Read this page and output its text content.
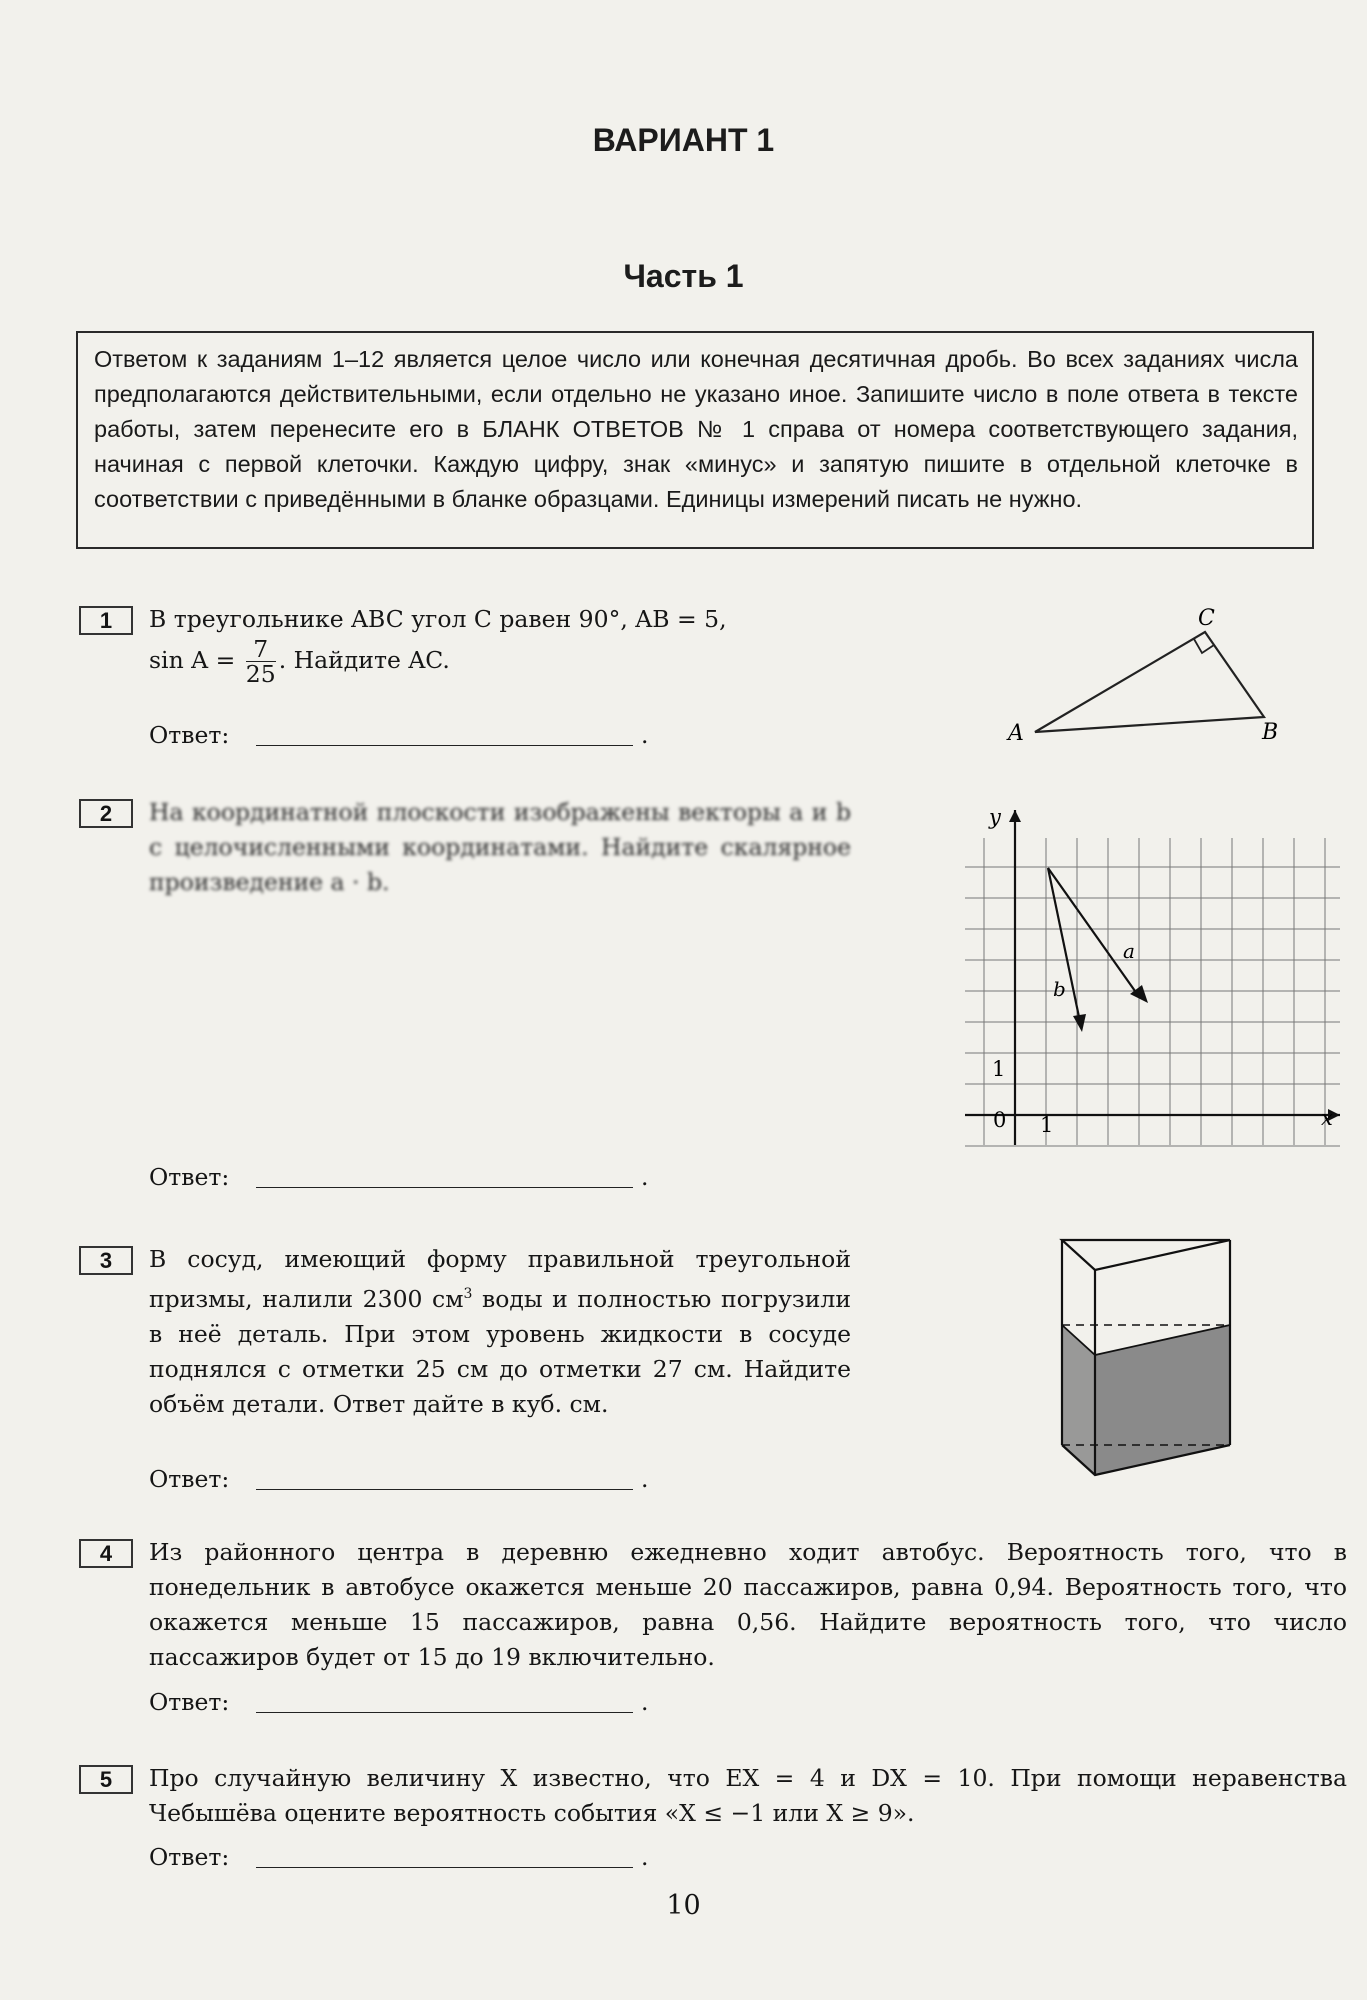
ВАРИАНТ 1
Часть 1
Ответом к заданиям 1–12 является целое число или конечная десятичная дробь. Во всех заданиях числа предполагаются действительными, если отдельно не указано иное. Запишите число в поле ответа в тексте работы, затем перенесите его в БЛАНК ОТВЕТОВ № 1 справа от номера соответствующего задания, начиная с первой клеточки. Каждую цифру, знак «минус» и запятую пишите в отдельной клеточке в соответствии с приведёнными в бланке образцами. Единицы измерений писать не нужно.
1	В треугольнике ABC угол C равен 90°, AB = 5,
$\sin A = \frac{7}{25}$ . Найдите AC.
Ответ:	.	A	B
C
2	На координатной плоскости изображены векторы a и b с целочисленными координатами. Найдите скалярное произведение a · b.
Ответ:	.
a
b
y
x
0 1
1
3	В сосуд, имеющий форму правильной треугольной призмы, налили 2300 $см^3$ воды и полностью погрузили в неё деталь. При этом уровень жидкости в сосуде поднялся с отметки 25 см до отметки 27 см. Найдите объём детали. Ответ дайте в куб. см.
Ответ:	.
4	Из районного центра в деревню ежедневно ходит автобус. Вероятность того, что в понедельник в автобусе окажется меньше 20 пассажиров, равна 0,94. Вероятность того, что окажется меньше 15 пассажиров, равна 0,56. Найдите вероятность того, что число пассажиров будет от 15 до 19 включительно.
Ответ:	.
5	Про случайную величину X известно, что EX = 4 и DX = 10. При помощи неравенства Чебышёва оцените вероятность события «X ≤ −1 или X ≥ 9».
Ответ:	.
10
